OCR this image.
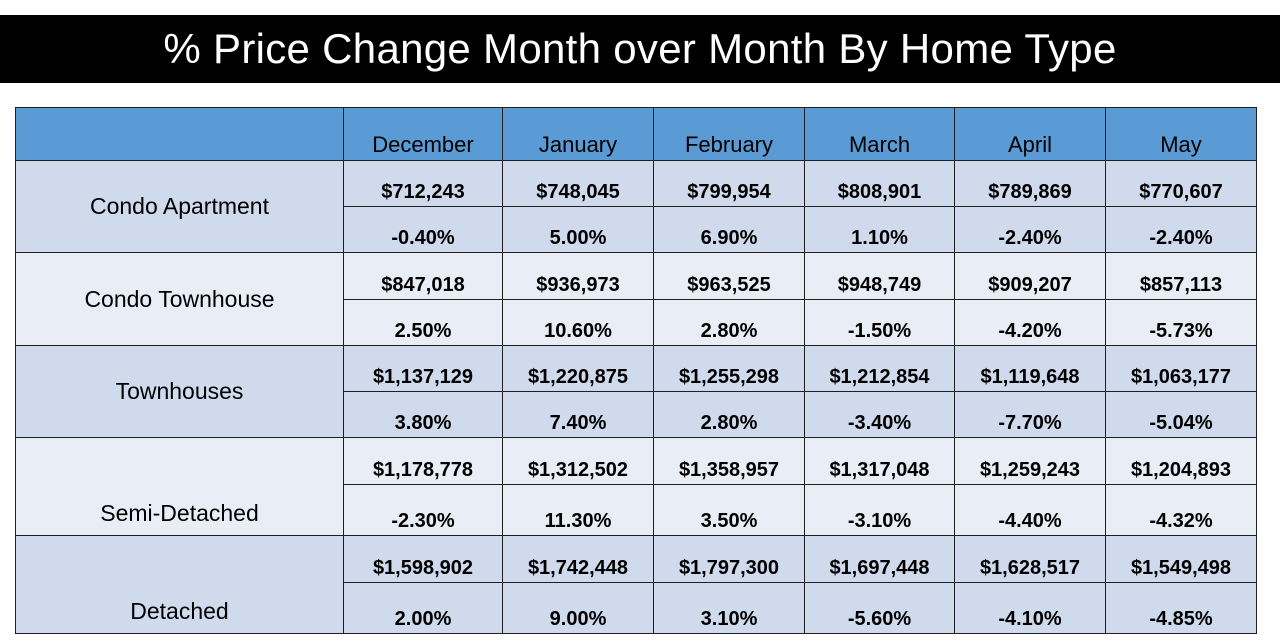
% Price Change Month over Month By Home Type
	December	January	February	March	April	May
Condo Apartment	$712,243	$748,045	$799,954	$808,901	$789,869	$770,607
	-0.40%	5.00%	6.90%	1.10%	-2.40%	-2.40%
Condo Townhouse	$847,018	$936,973	$963,525	$948,749	$909,207	$857,113
	2.50%	10.60%	2.80%	-1.50%	-4.20%	-5.73%
Townhouses	$1,137,129	$1,220,875	$1,255,298	$1,212,854	$1,119,648	$1,063,177
	3.80%	7.40%	2.80%	-3.40%	-7.70%	-5.04%
Semi-Detached	$1,178,778	$1,312,502	$1,358,957	$1,317,048	$1,259,243	$1,204,893
	-2.30%	11.30%	3.50%	-3.10%	-4.40%	-4.32%
Detached	$1,598,902	$1,742,448	$1,797,300	$1,697,448	$1,628,517	$1,549,498
	2.00%	9.00%	3.10%	-5.60%	-4.10%	-4.85%
